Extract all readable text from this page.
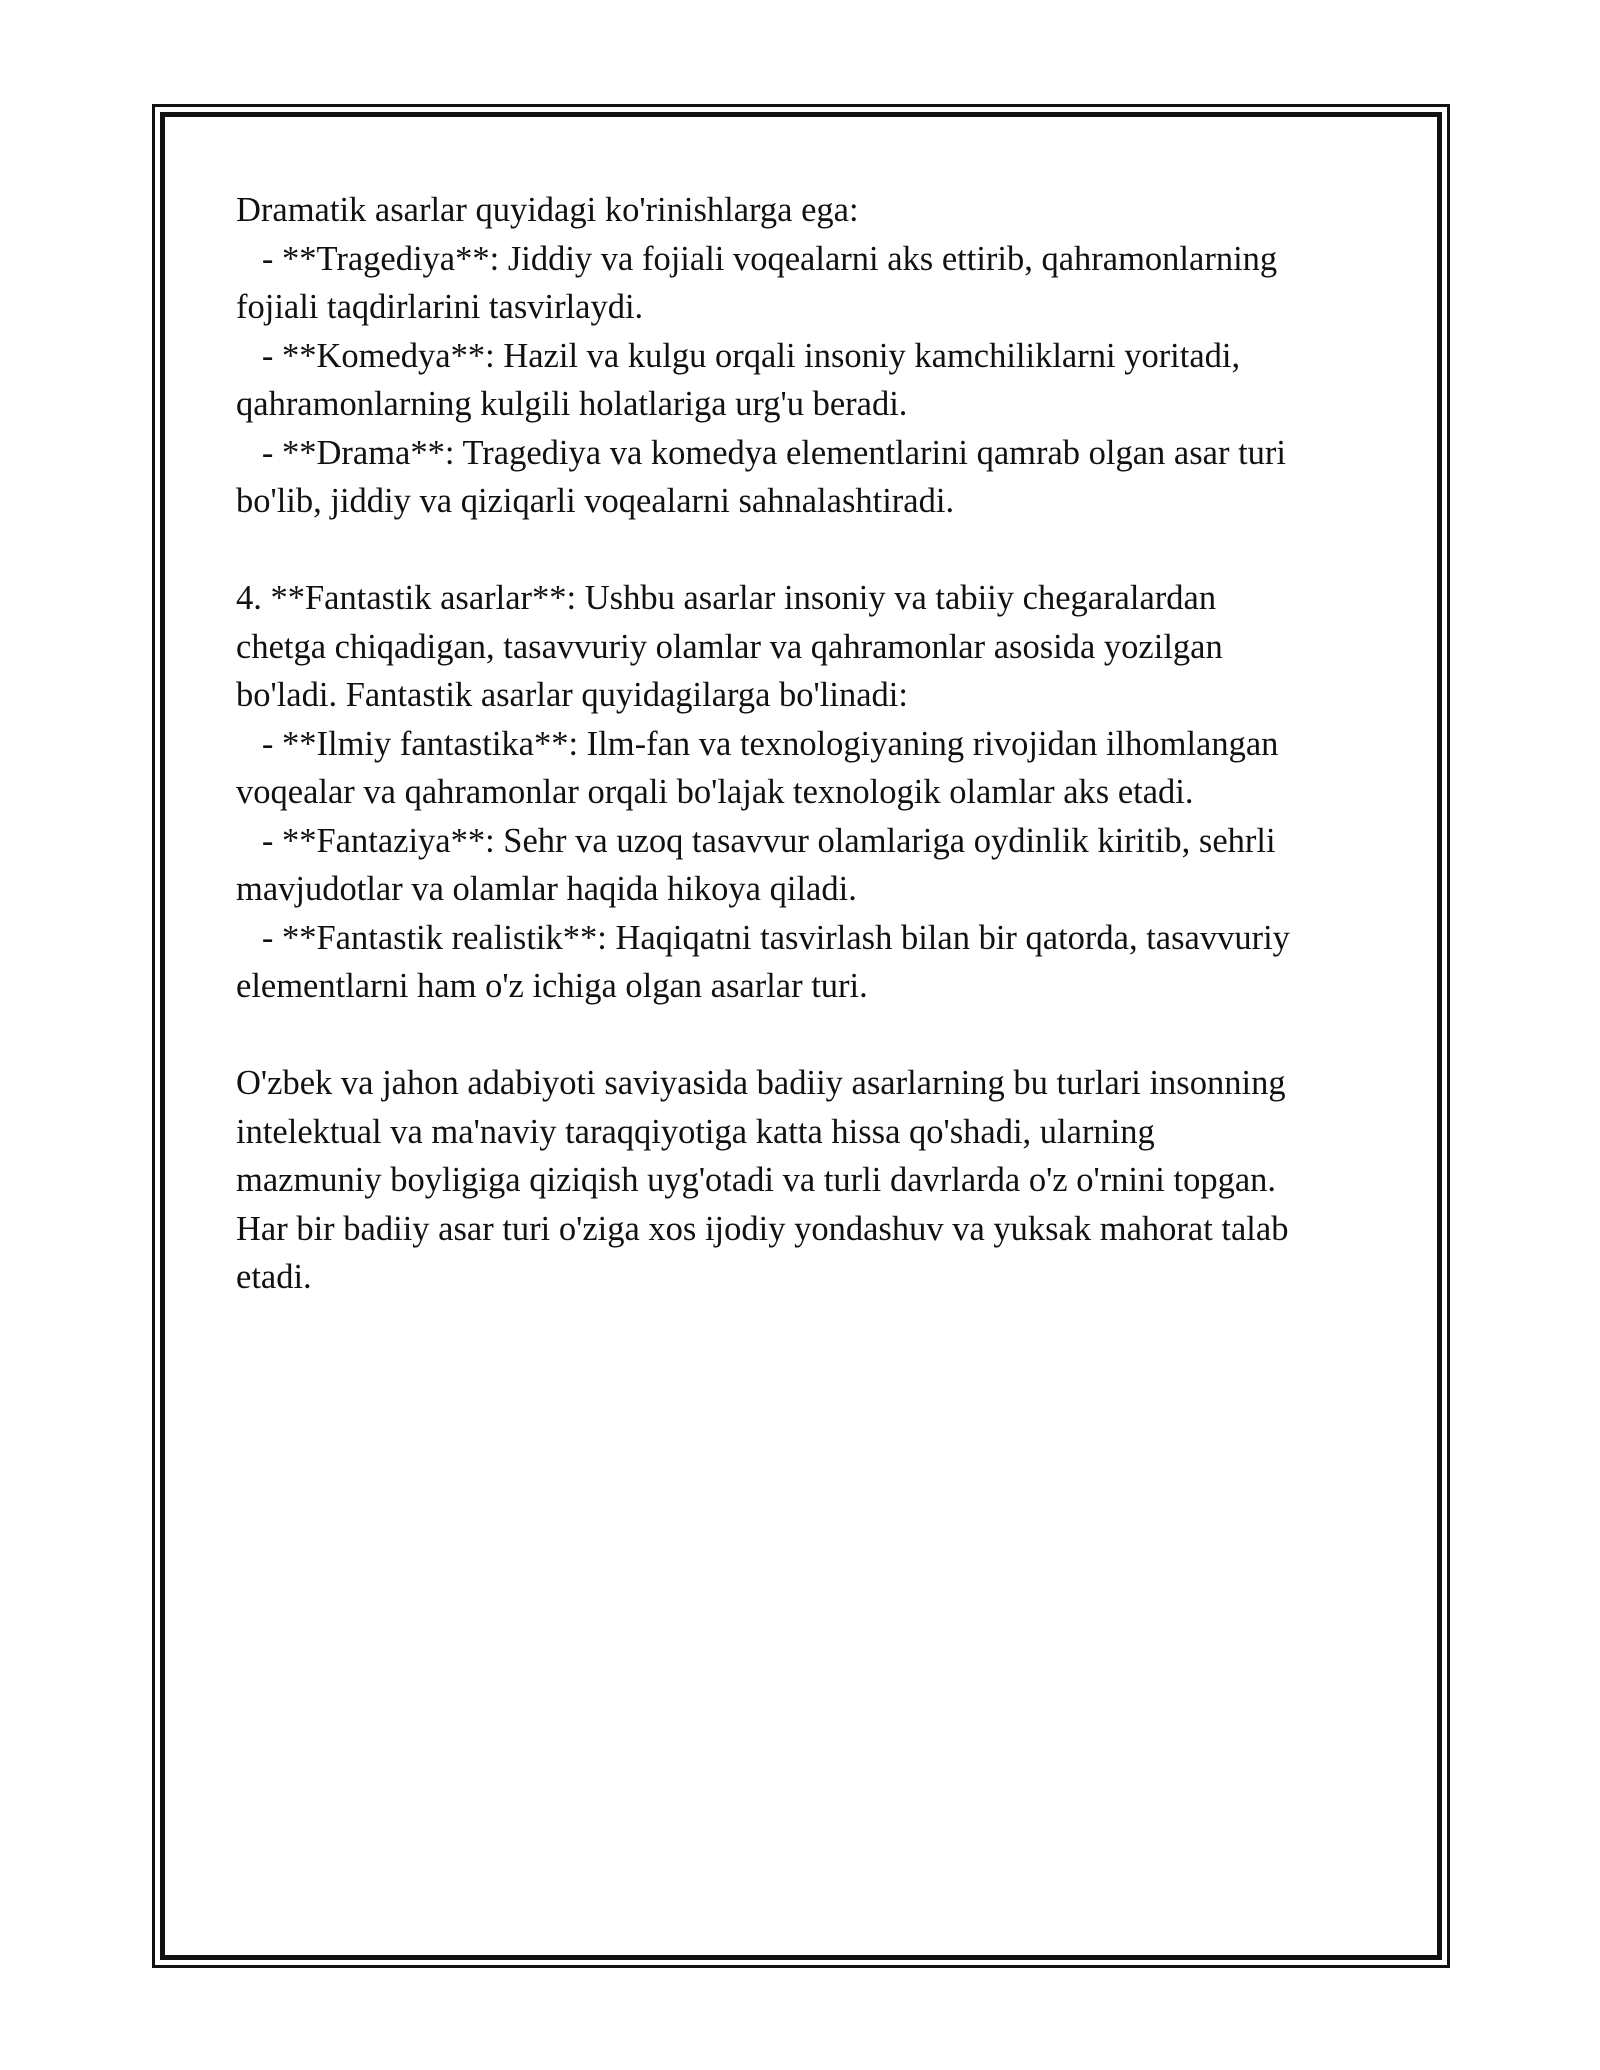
Dramatik asarlar quyidagi ko'rinishlarga ega:
- **Tragediya**: Jiddiy va fojiali voqealarni aks ettirib, qahramonlarning
fojiali taqdirlarini tasvirlaydi.
- **Komedya**: Hazil va kulgu orqali insoniy kamchiliklarni yoritadi,
qahramonlarning kulgili holatlariga urg'u beradi.
- **Drama**: Tragediya va komedya elementlarini qamrab olgan asar turi
bo'lib, jiddiy va qiziqarli voqealarni sahnalashtiradi.
4. **Fantastik asarlar**: Ushbu asarlar insoniy va tabiiy chegaralardan
chetga chiqadigan, tasavvuriy olamlar va qahramonlar asosida yozilgan
bo'ladi. Fantastik asarlar quyidagilarga bo'linadi:
- **Ilmiy fantastika**: Ilm-fan va texnologiyaning rivojidan ilhomlangan
voqealar va qahramonlar orqali bo'lajak texnologik olamlar aks etadi.
- **Fantaziya**: Sehr va uzoq tasavvur olamlariga oydinlik kiritib, sehrli
mavjudotlar va olamlar haqida hikoya qiladi.
- **Fantastik realistik**: Haqiqatni tasvirlash bilan bir qatorda, tasavvuriy
elementlarni ham o'z ichiga olgan asarlar turi.
O'zbek va jahon adabiyoti saviyasida badiiy asarlarning bu turlari insonning
intelektual va ma'naviy taraqqiyotiga katta hissa qo'shadi, ularning
mazmuniy boyligiga qiziqish uyg'otadi va turli davrlarda o'z o'rnini topgan.
Har bir badiiy asar turi o'ziga xos ijodiy yondashuv va yuksak mahorat talab
etadi.
